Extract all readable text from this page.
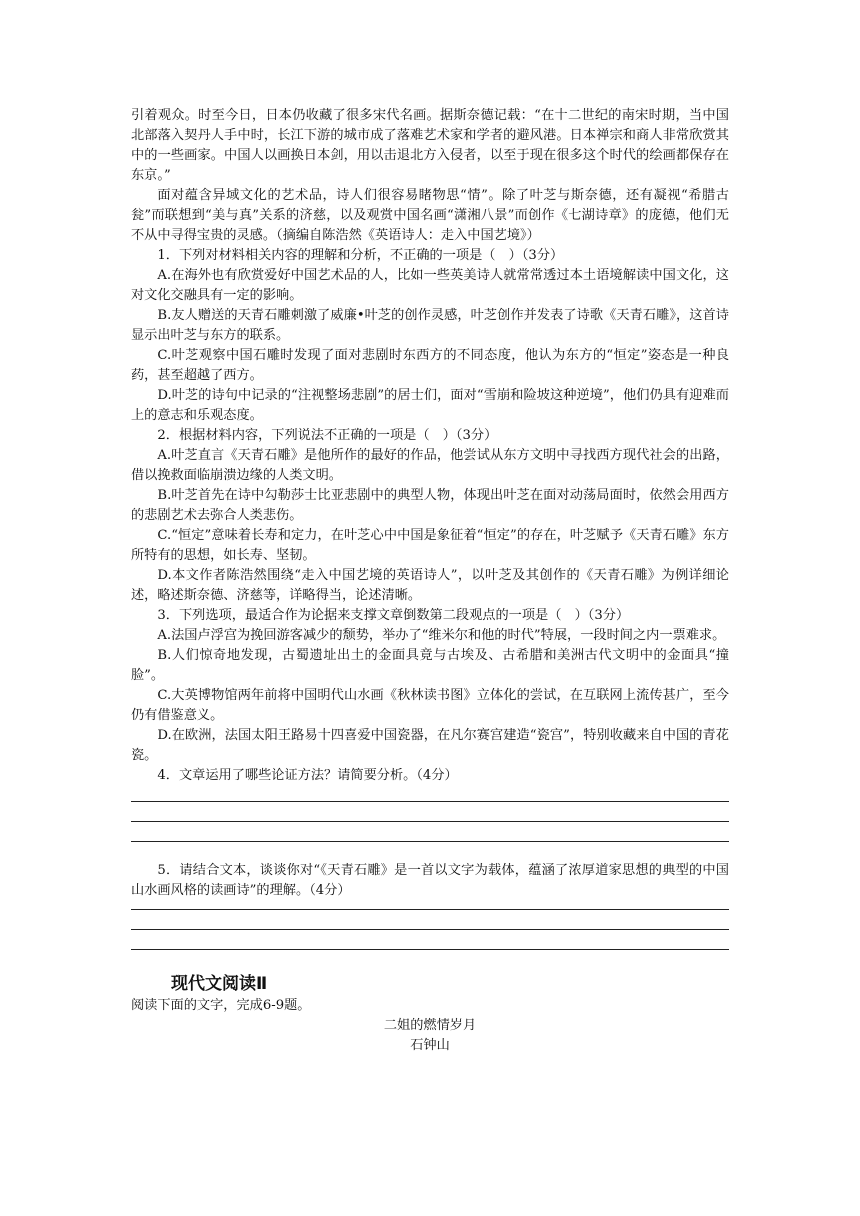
引着观众。时至今日，日本仍收藏了很多宋代名画。据斯奈德记载：“在十二世纪的南宋时期，当中国北部落入契丹人手中时，长江下游的城市成了落难艺术家和学者的避风港。日本禅宗和商人非常欣赏其中的一些画家。中国人以画换日本剑，用以击退北方入侵者，以至于现在很多这个时代的绘画都保存在东京。”

面对蕴含异域文化的艺术品，诗人们很容易睹物思“情”。除了叶芝与斯奈德，还有凝视“希腊古瓮”而联想到“美与真”关系的济慈，以及观赏中国名画“潇湘八景”而创作《七湖诗章》的庞德，他们无不从中寻得宝贵的灵感。（摘编自陈浩然《英语诗人：走入中国艺境》）

1．下列对材料相关内容的理解和分析，不正确的一项是（　）（3分）

A.在海外也有欣赏爱好中国艺术品的人，比如一些英美诗人就常常透过本土语境解读中国文化，这对文化交融具有一定的影响。

B.友人赠送的天青石雕刺激了威廉•叶芝的创作灵感，叶芝创作并发表了诗歌《天青石雕》，这首诗显示出叶芝与东方的联系。

C.叶芝观察中国石雕时发现了面对悲剧时东西方的不同态度，他认为东方的“恒定”姿态是一种良药，甚至超越了西方。

D.叶芝的诗句中记录的“注视整场悲剧”的居士们，面对“雪崩和险坡这种逆境”，他们仍具有迎难而上的意志和乐观态度。

2．根据材料内容，下列说法不正确的一项是（　）（3分）

A.叶芝直言《天青石雕》是他所作的最好的作品，他尝试从东方文明中寻找西方现代社会的出路，借以挽救面临崩溃边缘的人类文明。

B.叶芝首先在诗中勾勒莎士比亚悲剧中的典型人物，体现出叶芝在面对动荡局面时，依然会用西方的悲剧艺术去弥合人类悲伤。

C.“恒定”意味着长寿和定力，在叶芝心中中国是象征着“恒定”的存在，叶芝赋予《天青石雕》东方所特有的思想，如长寿、坚韧。

D.本文作者陈浩然围绕“走入中国艺境的英语诗人”，以叶芝及其创作的《天青石雕》为例详细论述，略述斯奈德、济慈等，详略得当，论述清晰。

3．下列选项，最适合作为论据来支撑文章倒数第二段观点的一项是（　）（3分）

A.法国卢浮宫为挽回游客减少的颓势，举办了“维米尔和他的时代”特展，一段时间之内一票难求。

B.人们惊奇地发现，古蜀遗址出土的金面具竟与古埃及、古希腊和美洲古代文明中的金面具“撞脸”。

C.大英博物馆两年前将中国明代山水画《秋林读书图》立体化的尝试，在互联网上流传甚广，至今仍有借鉴意义。

D.在欧洲，法国太阳王路易十四喜爱中国瓷器，在凡尔赛宫建造“瓷宫”，特别收藏来自中国的青花瓷。

4．文章运用了哪些论证方法？请简要分析。（4分）

5．请结合文本，谈谈你对“《天青石雕》是一首以文字为载体，蕴涵了浓厚道家思想的典型的中国山水画风格的读画诗”的理解。（4分）

现代文阅读Ⅱ

阅读下面的文字，完成6-9题。

二姐的燃情岁月

石钟山
